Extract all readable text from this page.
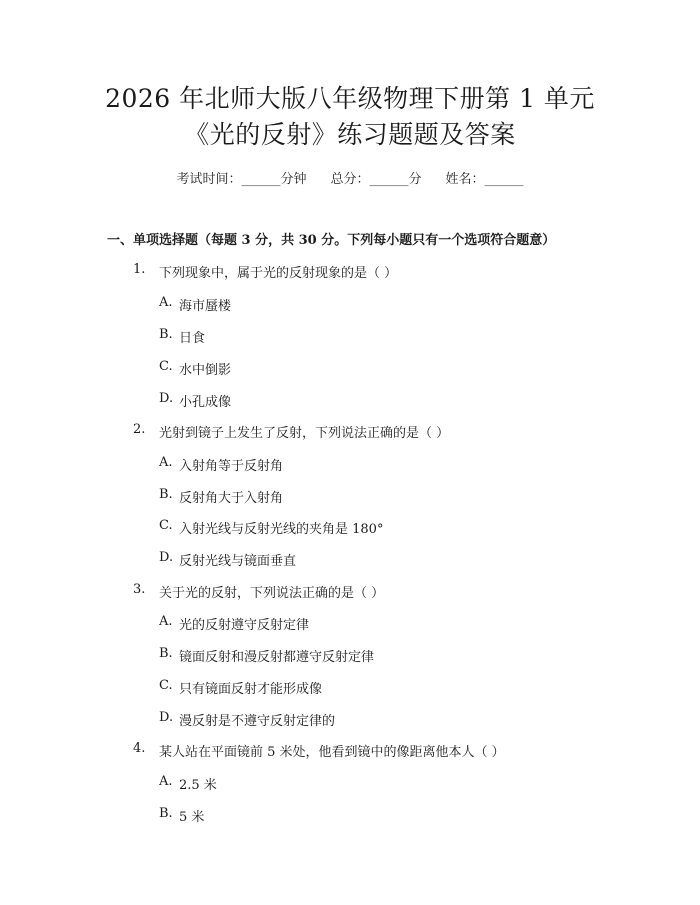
2026 年北师大版八年级物理下册第 1 单元
《光的反射》练习题题及答案
考试时间：______分钟 总分：______分 姓名：______
一、单项选择题（每题 3 分，共 30 分。下列每小题只有一个选项符合题意）
1. 下列现象中，属于光的反射现象的是（ ）
A. 海市蜃楼
B. 日食
C. 水中倒影
D. 小孔成像
2. 光射到镜子上发生了反射，下列说法正确的是（ ）
A. 入射角等于反射角
B. 反射角大于入射角
C. 入射光线与反射光线的夹角是 180°
D. 反射光线与镜面垂直
3. 关于光的反射，下列说法正确的是（ ）
A. 光的反射遵守反射定律
B. 镜面反射和漫反射都遵守反射定律
C. 只有镜面反射才能形成像
D. 漫反射是不遵守反射定律的
4. 某人站在平面镜前 5 米处，他看到镜中的像距离他本人（ ）
A. 2.5 米
B. 5 米
